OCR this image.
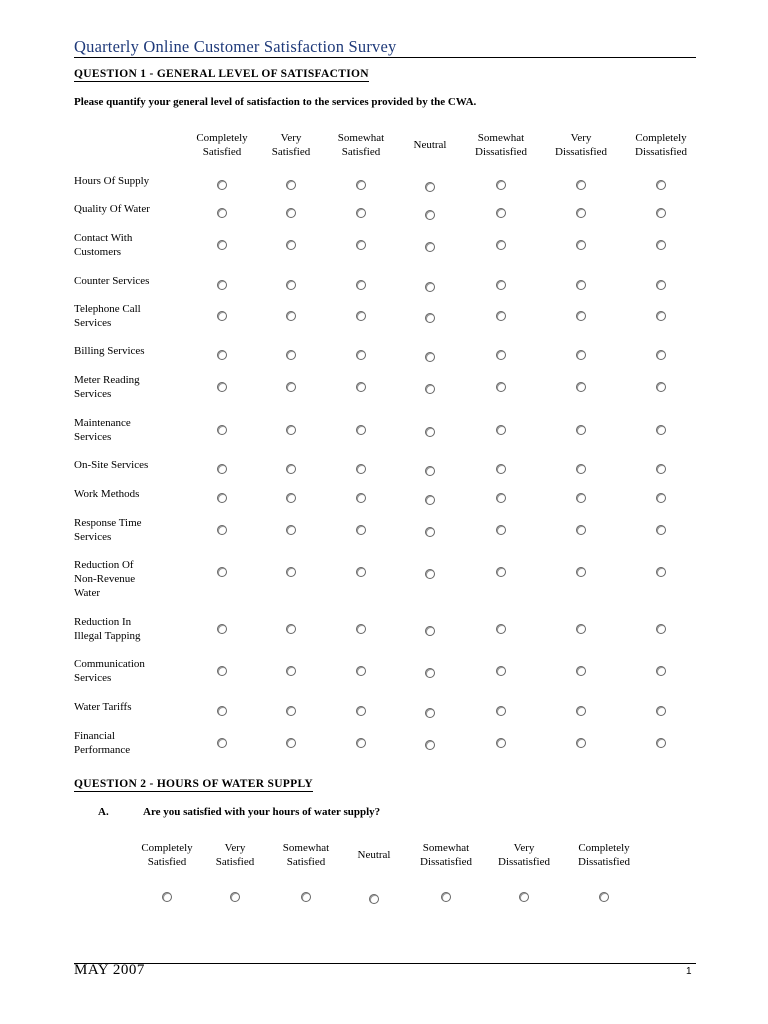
Quarterly Online Customer Satisfaction Survey
QUESTION 1 - GENERAL LEVEL OF SATISFACTION
Please quantify your general level of satisfaction to the services provided by the CWA.
Completely
Satisfied
Very
Satisfied
Somewhat
Satisfied
Neutral
Somewhat
Dissatisfied
Very
Dissatisfied
Completely
Dissatisfied
Hours Of Supply
Quality Of Water
Contact With
Customers
Counter Services
Telephone Call
Services
Billing Services
Meter Reading
Services
Maintenance
Services
On-Site Services
Work Methods
Response Time
Services
Reduction Of
Non-Revenue
Water
Reduction In
Illegal Tapping
Communication
Services
Water Tariffs
Financial
Performance
QUESTION 2 - HOURS OF WATER SUPPLY
A.	Are you satisfied with your hours of water supply?
Completely
Satisfied
Very
Satisfied
Somewhat
Satisfied
Neutral
Somewhat
Dissatisfied
Very
Dissatisfied
Completely
Dissatisfied
MAY 2007	1
